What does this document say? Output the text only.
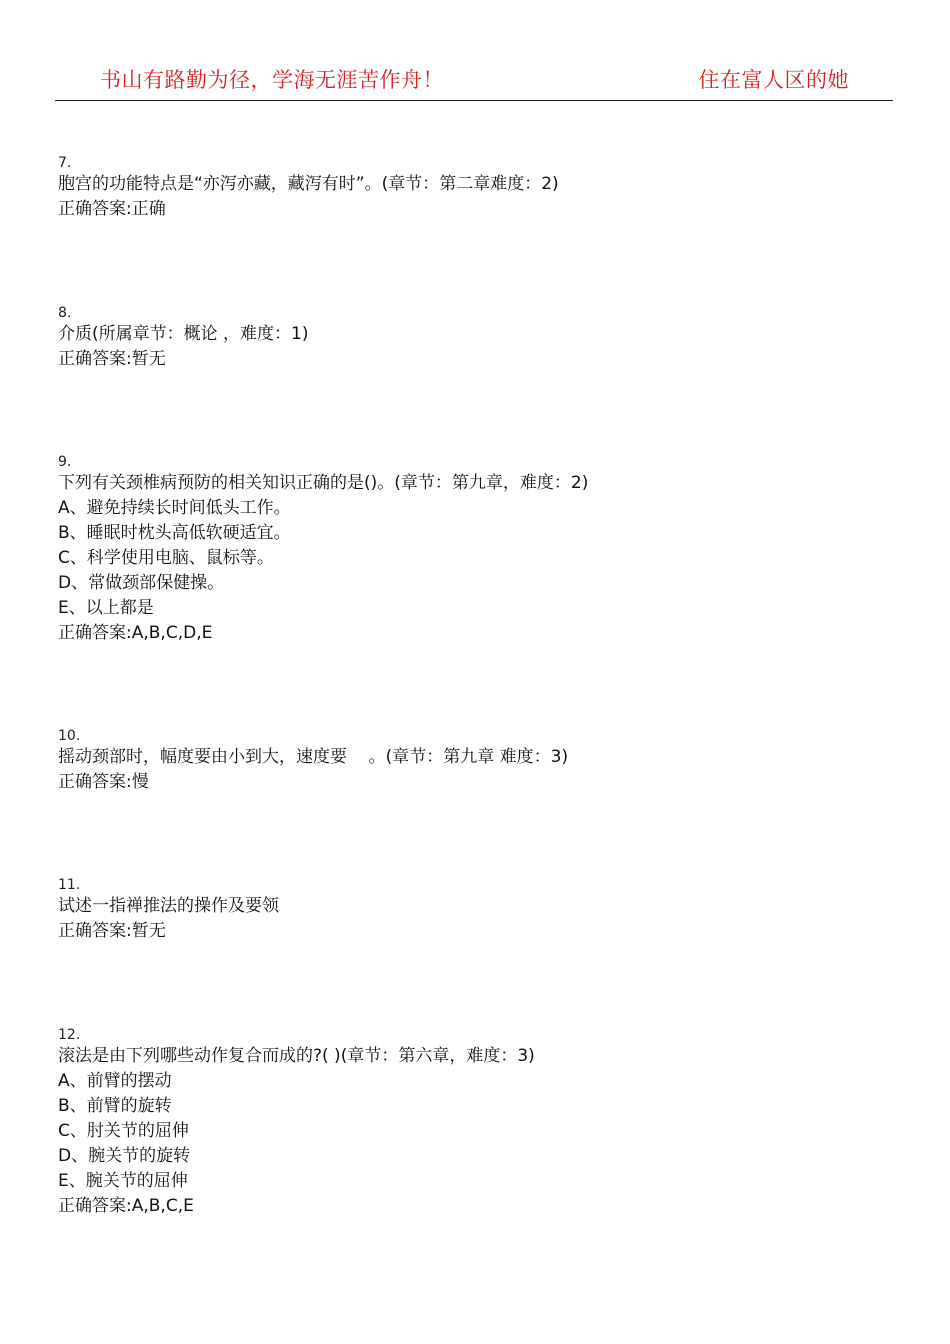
书山有路勤为径，学海无涯苦作舟！	住在富人区的她
7.
胞宫的功能特点是“亦泻亦藏，藏泻有时”。(章节：第二章难度：2)
正确答案:正确
8.
介质(所属章节：概论 ，难度：1)
正确答案:暂无
9.
下列有关颈椎病预防的相关知识正确的是()。(章节：第九章，难度：2)
A、避免持续长时间低头工作。
B、睡眠时枕头高低软硬适宜。
C、科学使用电脑、鼠标等。
D、常做颈部保健操。
E、以上都是
正确答案:A,B,C,D,E
10.
摇动颈部时，幅度要由小到大，速度要    。(章节：第九章 难度：3)
正确答案:慢
11.
试述一指禅推法的操作及要领
正确答案:暂无
12.
滚法是由下列哪些动作复合而成的?( )(章节：第六章，难度：3)
A、前臂的摆动
B、前臂的旋转
C、肘关节的屈伸
D、腕关节的旋转
E、腕关节的屈伸
正确答案:A,B,C,E
